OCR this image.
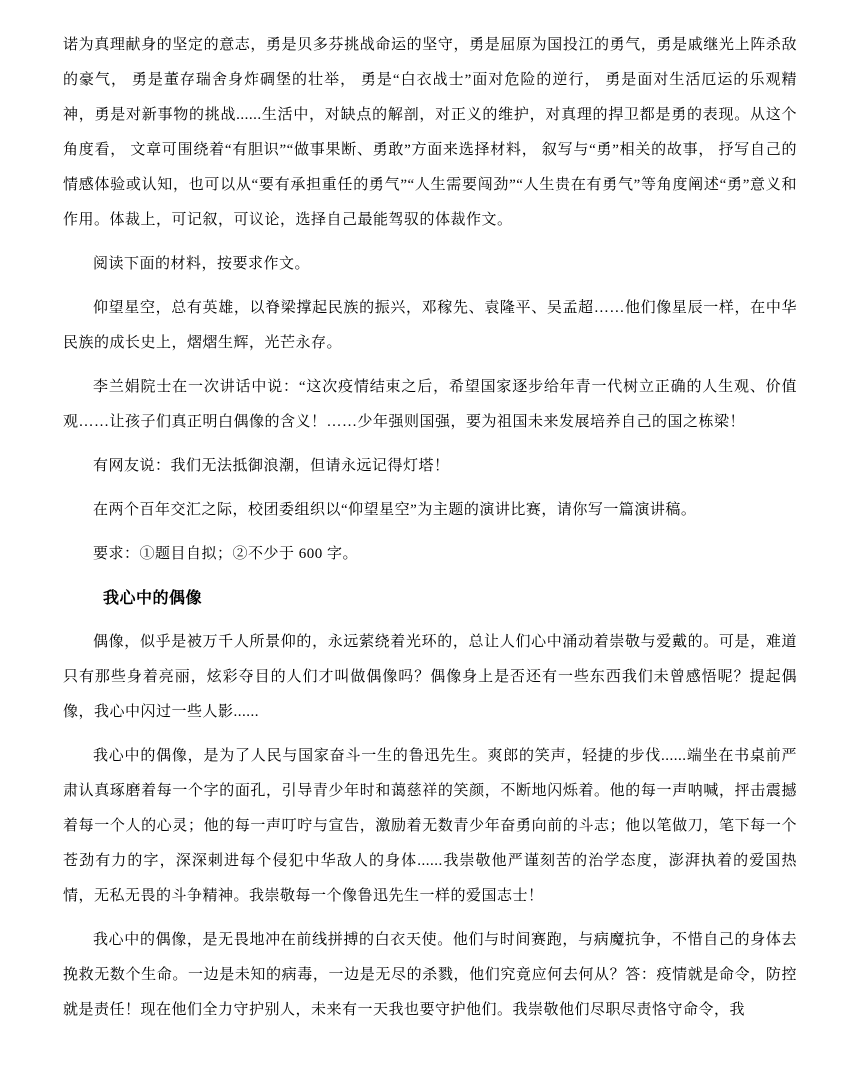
诺为真理献身的坚定的意志，勇是贝多芬挑战命运的坚守，勇是屈原为国投江的勇气，勇是戚继光上阵杀敌的豪气， 勇是董存瑞舍身炸碉堡的壮举， 勇是“白衣战士”面对危险的逆行， 勇是面对生活厄运的乐观精神，勇是对新事物的挑战......生活中，对缺点的解剖，对正义的维护，对真理的捍卫都是勇的表现。从这个角度看， 文章可围绕着“有胆识”“做事果断、勇敢”方面来选择材料， 叙写与“勇”相关的故事， 抒写自己的情感体验或认知，也可以从“要有承担重任的勇气”“人生需要闯劲”“人生贵在有勇气”等角度阐述“勇”意义和作用。体裁上，可记叙，可议论，选择自己最能驾驭的体裁作文。

阅读下面的材料，按要求作文。

仰望星空，总有英雄，以脊梁撑起民族的振兴，邓稼先、袁隆平、吴孟超……他们像星辰一样，在中华民族的成长史上，熠熠生辉，光芒永存。

李兰娟院士在一次讲话中说：“这次疫情结束之后，希望国家逐步给年青一代树立正确的人生观、价值观……让孩子们真正明白偶像的含义！……少年强则国强，要为祖国未来发展培养自己的国之栋梁！

有网友说：我们无法抵御浪潮，但请永远记得灯塔！

在两个百年交汇之际，校团委组织以“仰望星空”为主题的演讲比赛，请你写一篇演讲稿。

要求：①题目自拟；②不少于 600 字。

我心中的偶像

偶像，似乎是被万千人所景仰的，永远萦绕着光环的，总让人们心中涌动着崇敬与爱戴的。可是，难道只有那些身着亮丽，炫彩夺目的人们才叫做偶像吗？偶像身上是否还有一些东西我们未曾感悟呢？提起偶像，我心中闪过一些人影......

我心中的偶像，是为了人民与国家奋斗一生的鲁迅先生。爽郎的笑声，轻捷的步伐......端坐在书桌前严肃认真琢磨着每一个字的面孔，引导青少年时和蔼慈祥的笑颜，不断地闪烁着。他的每一声呐喊，抨击震撼着每一个人的心灵；他的每一声叮咛与宣告，激励着无数青少年奋勇向前的斗志；他以笔做刀，笔下每一个苍劲有力的字，深深刺进每个侵犯中华敌人的身体......我崇敬他严谨刻苦的治学态度，澎湃执着的爱国热情，无私无畏的斗争精神。我崇敬每一个像鲁迅先生一样的爱国志士！

我心中的偶像，是无畏地冲在前线拼搏的白衣天使。他们与时间赛跑，与病魔抗争，不惜自己的身体去挽救无数个生命。一边是未知的病毒，一边是无尽的杀戮，他们究竟应何去何从？答：疫情就是命令，防控就是责任！现在他们全力守护别人，未来有一天我也要守护他们。我崇敬他们尽职尽责恪守命令，我
